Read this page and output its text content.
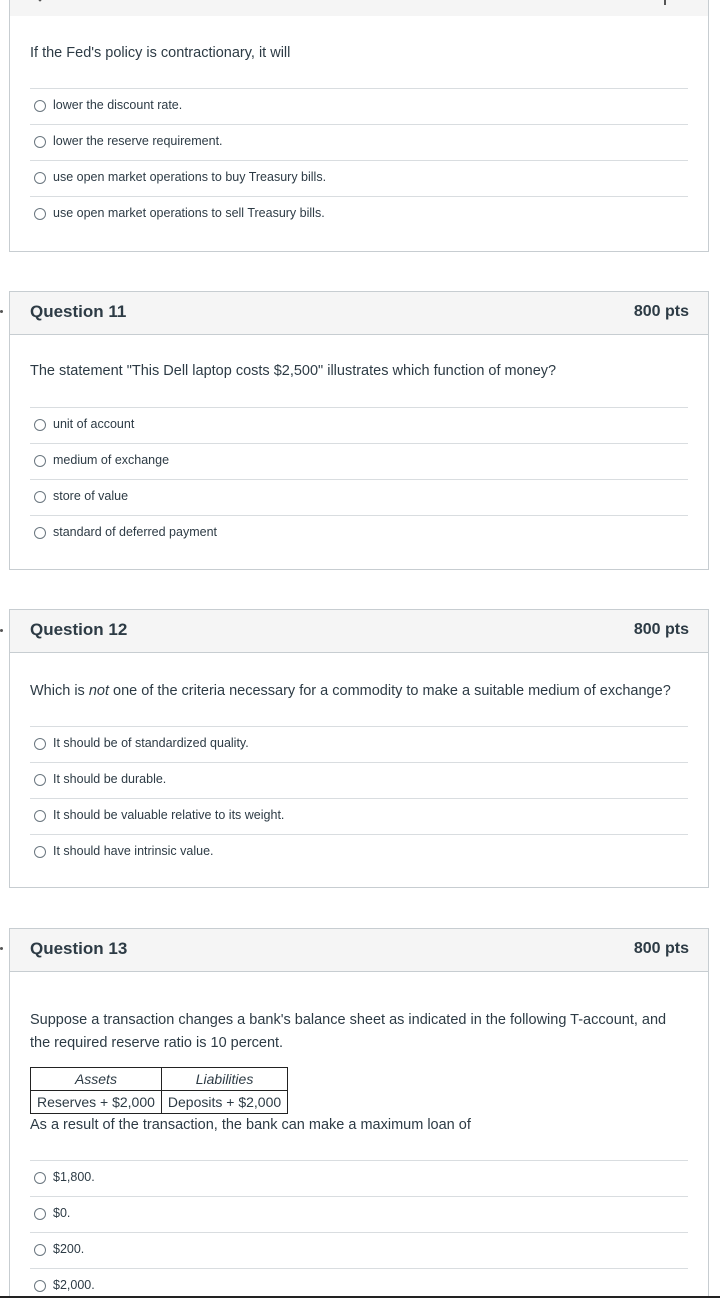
If the Fed's policy is contractionary, it will
lower the discount rate.
lower the reserve requirement.
use open market operations to buy Treasury bills.
use open market operations to sell Treasury bills.
Question 11	800 pts
The statement "This Dell laptop costs $2,500" illustrates which function of money?
unit of account
medium of exchange
store of value
standard of deferred payment
Question 12	800 pts
Which is not one of the criteria necessary for a commodity to make a suitable medium of exchange?
It should be of standardized quality.
It should be durable.
It should be valuable relative to its weight.
It should have intrinsic value.
Question 13	800 pts
Suppose a transaction changes a bank's balance sheet as indicated in the following T-account, and the required reserve ratio is 10 percent.
Assets	Liabilities
Reserves + $2,000	Deposits + $2,000
As a result of the transaction, the bank can make a maximum loan of
$1,800.
$0.
$200.
$2,000.
